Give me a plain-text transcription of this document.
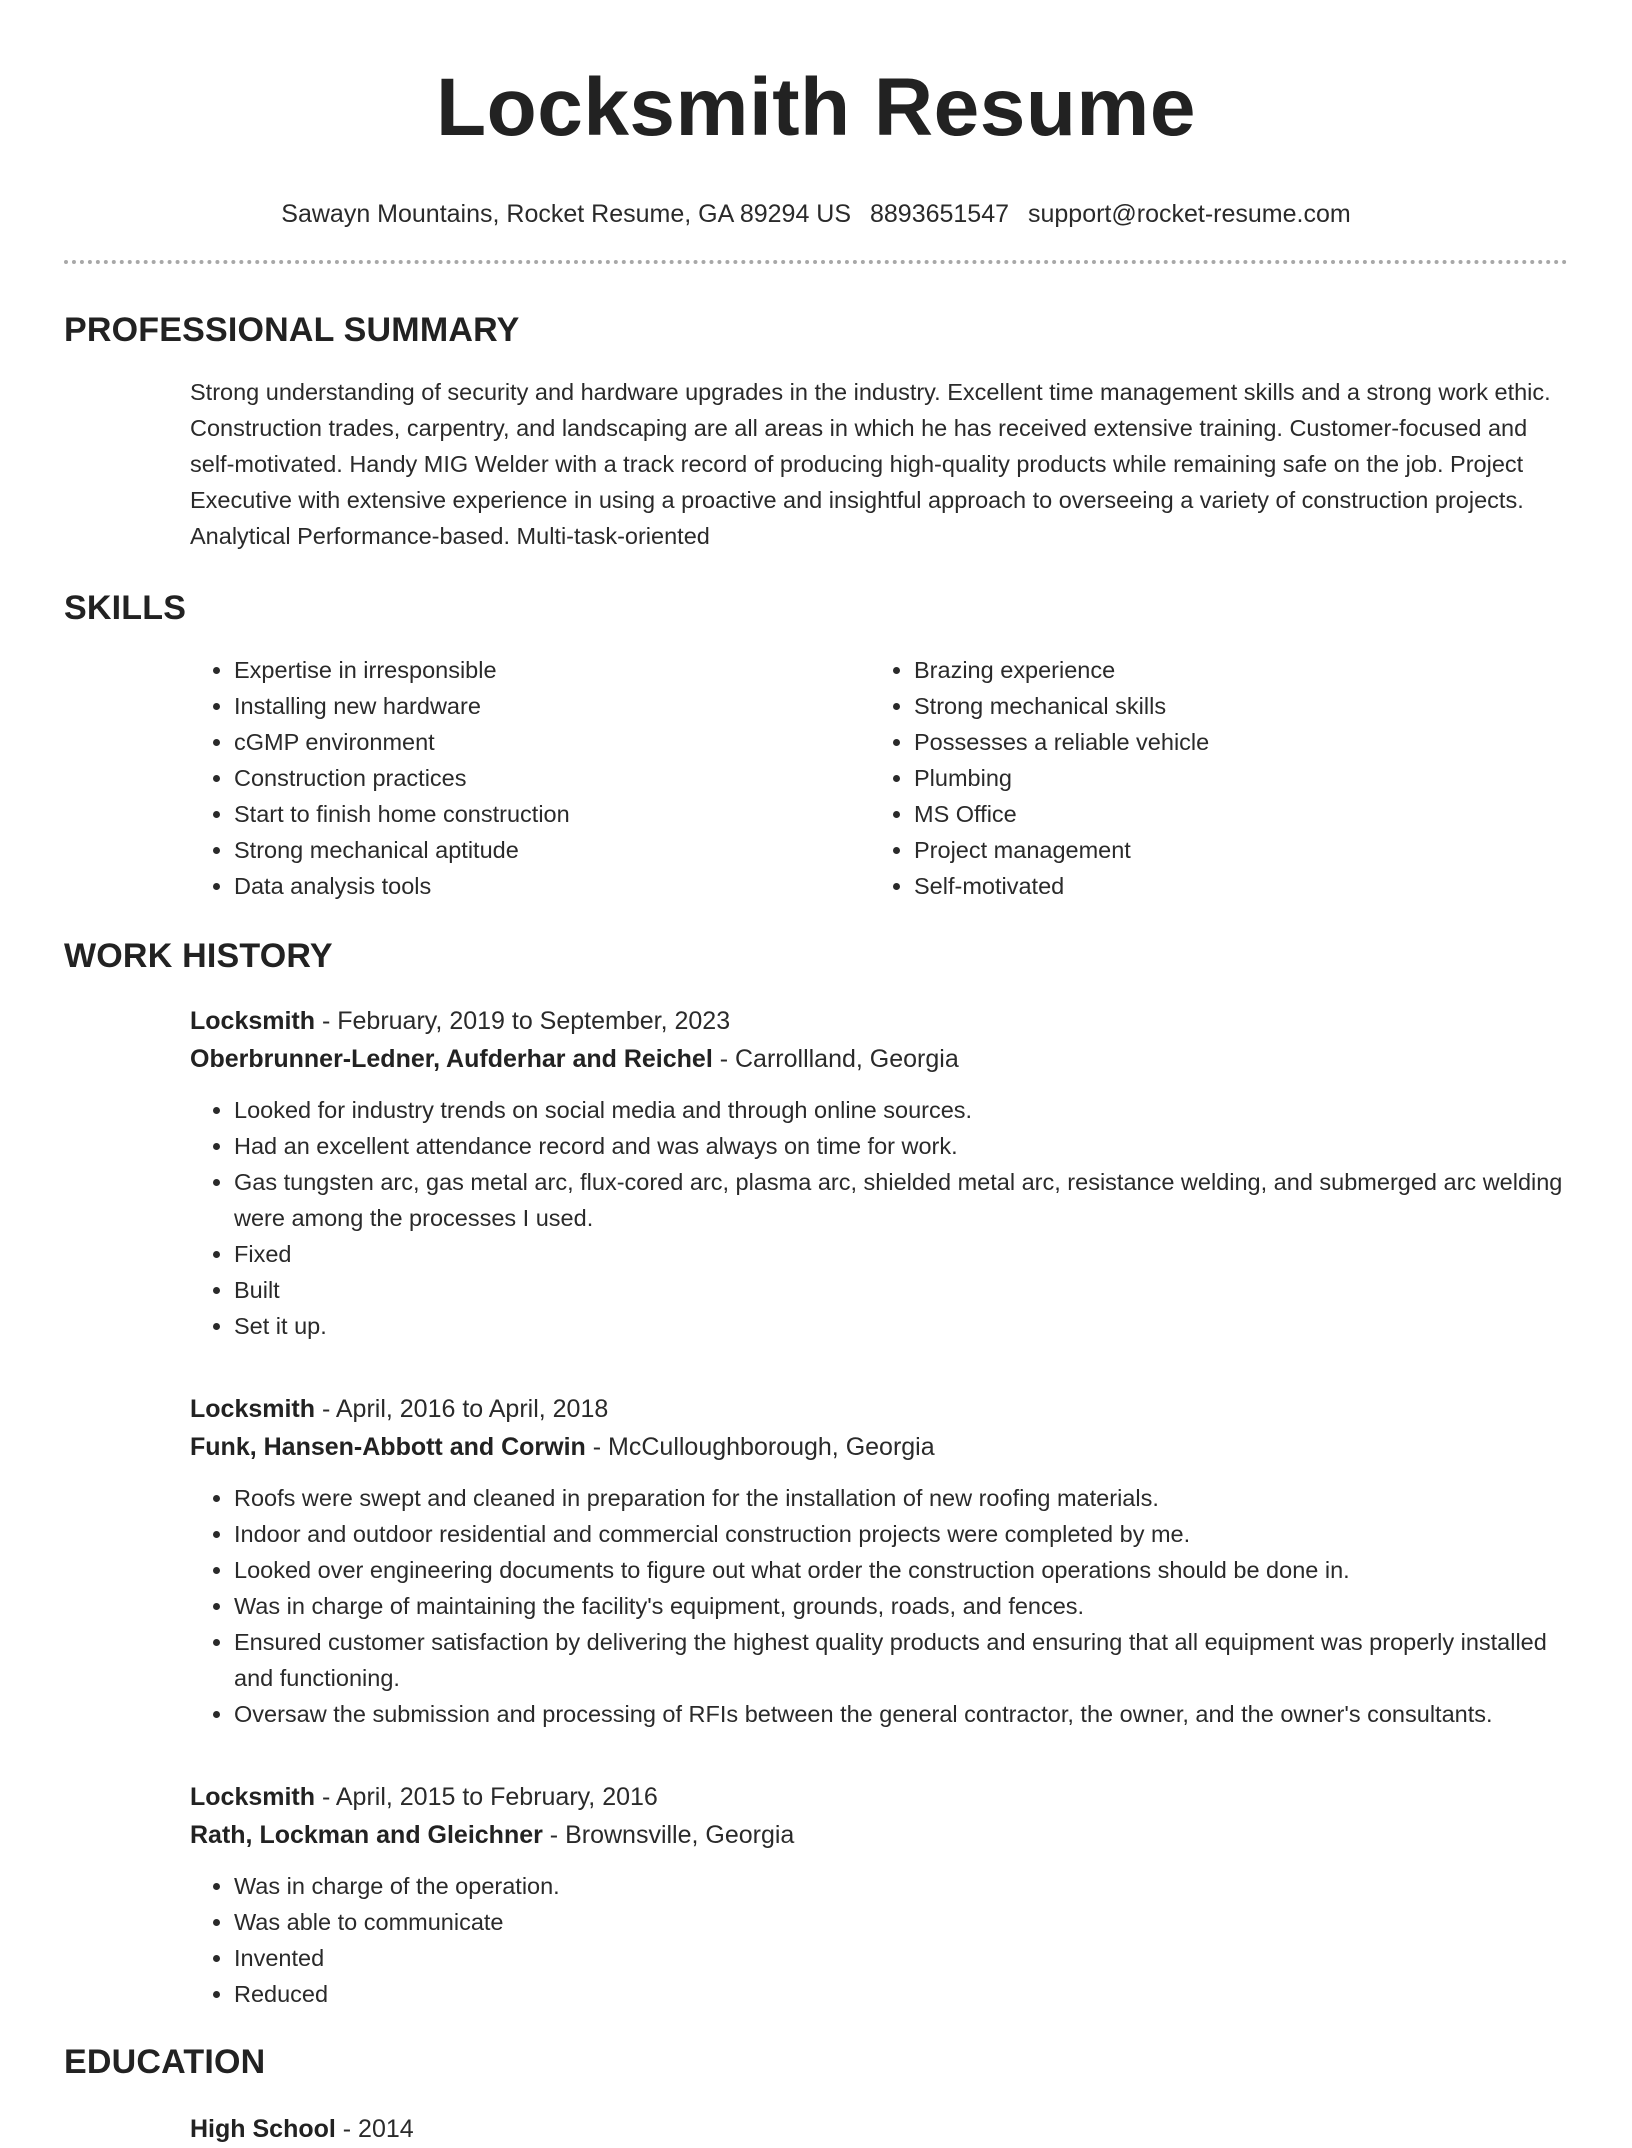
Locksmith Resume
Sawayn Mountains, Rocket Resume, GA 89294 US 8893651547 support@rocket-resume.com
PROFESSIONAL SUMMARY

Strong understanding of security and hardware upgrades in the industry. Excellent time management skills and a strong work ethic. Construction trades, carpentry, and landscaping are all areas in which he has received extensive training. Customer-focused and self-motivated. Handy MIG Welder with a track record of producing high-quality products while remaining safe on the job. Project Executive with extensive experience in using a proactive and insightful approach to overseeing a variety of construction projects. Analytical Performance-based. Multi-task-oriented

SKILLS
• Expertise in irresponsible
• Installing new hardware
• cGMP environment
• Construction practices
• Start to finish home construction
• Strong mechanical aptitude
• Data analysis tools
• Brazing experience
• Strong mechanical skills
• Possesses a reliable vehicle
• Plumbing
• MS Office
• Project management
• Self-motivated
WORK HISTORY
Locksmith - February, 2019 to September, 2023
Oberbrunner-Ledner, Aufderhar and Reichel - Carrollland, Georgia
• Looked for industry trends on social media and through online sources.
• Had an excellent attendance record and was always on time for work.
• Gas tungsten arc, gas metal arc, flux-cored arc, plasma arc, shielded metal arc, resistance welding, and submerged arc welding were among the processes I used.
• Fixed
• Built
• Set it up.
Locksmith - April, 2016 to April, 2018
Funk, Hansen-Abbott and Corwin - McCulloughborough, Georgia
• Roofs were swept and cleaned in preparation for the installation of new roofing materials.
• Indoor and outdoor residential and commercial construction projects were completed by me.
• Looked over engineering documents to figure out what order the construction operations should be done in.
• Was in charge of maintaining the facility's equipment, grounds, roads, and fences.
• Ensured customer satisfaction by delivering the highest quality products and ensuring that all equipment was properly installed and functioning.
• Oversaw the submission and processing of RFIs between the general contractor, the owner, and the owner's consultants.
Locksmith - April, 2015 to February, 2016
Rath, Lockman and Gleichner - Brownsville, Georgia
• Was in charge of the operation.
• Was able to communicate
• Invented
• Reduced
EDUCATION
High School - 2014
